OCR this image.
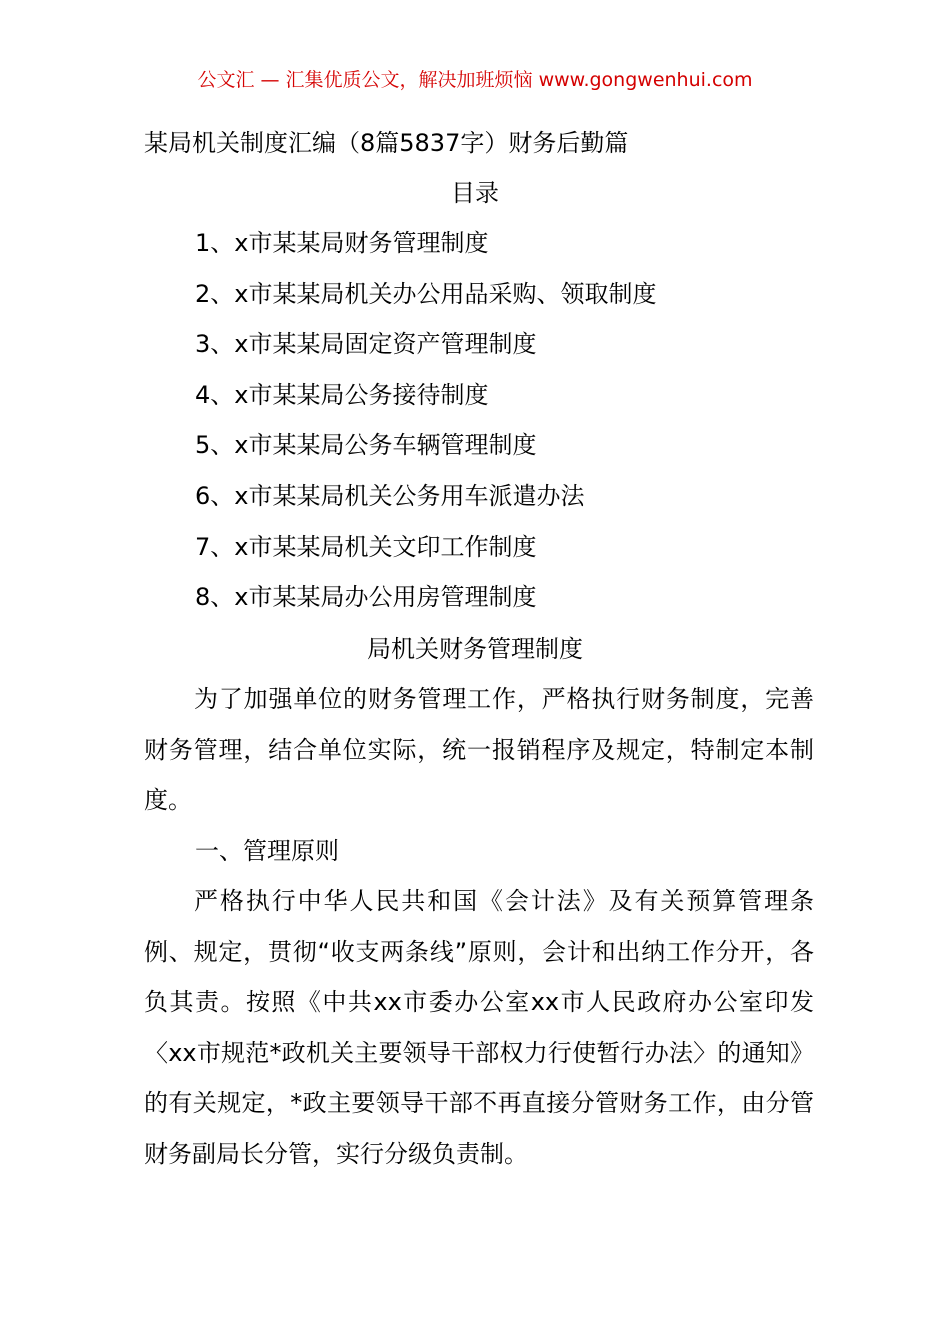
公文汇 — 汇集优质公文，解决加班烦恼 www.gongwenhui.com
某局机关制度汇编（8篇5837字）财务后勤篇
目录
1、x市某某局财务管理制度
2、x市某某局机关办公用品采购、领取制度
3、x市某某局固定资产管理制度
4、x市某某局公务接待制度
5、x市某某局公务车辆管理制度
6、x市某某局机关公务用车派遣办法
7、x市某某局机关文印工作制度
8、x市某某局办公用房管理制度
局机关财务管理制度

为了加强单位的财务管理工作，严格执行财务制度，完善财务管理，结合单位实际，统一报销程序及规定，特制定本制度。

一、管理原则

严格执行中华人民共和国《会计法》及有关预算管理条例、规定，贯彻“收支两条线”原则，会计和出纳工作分开，各负其责。按照《中共xx市委办公室xx市人民政府办公室印发〈xx市规范*政机关主要领导干部权力行使暂行办法〉的通知》的有关规定，*政主要领导干部不再直接分管财务工作，由分管财务副局长分管，实行分级负责制。
